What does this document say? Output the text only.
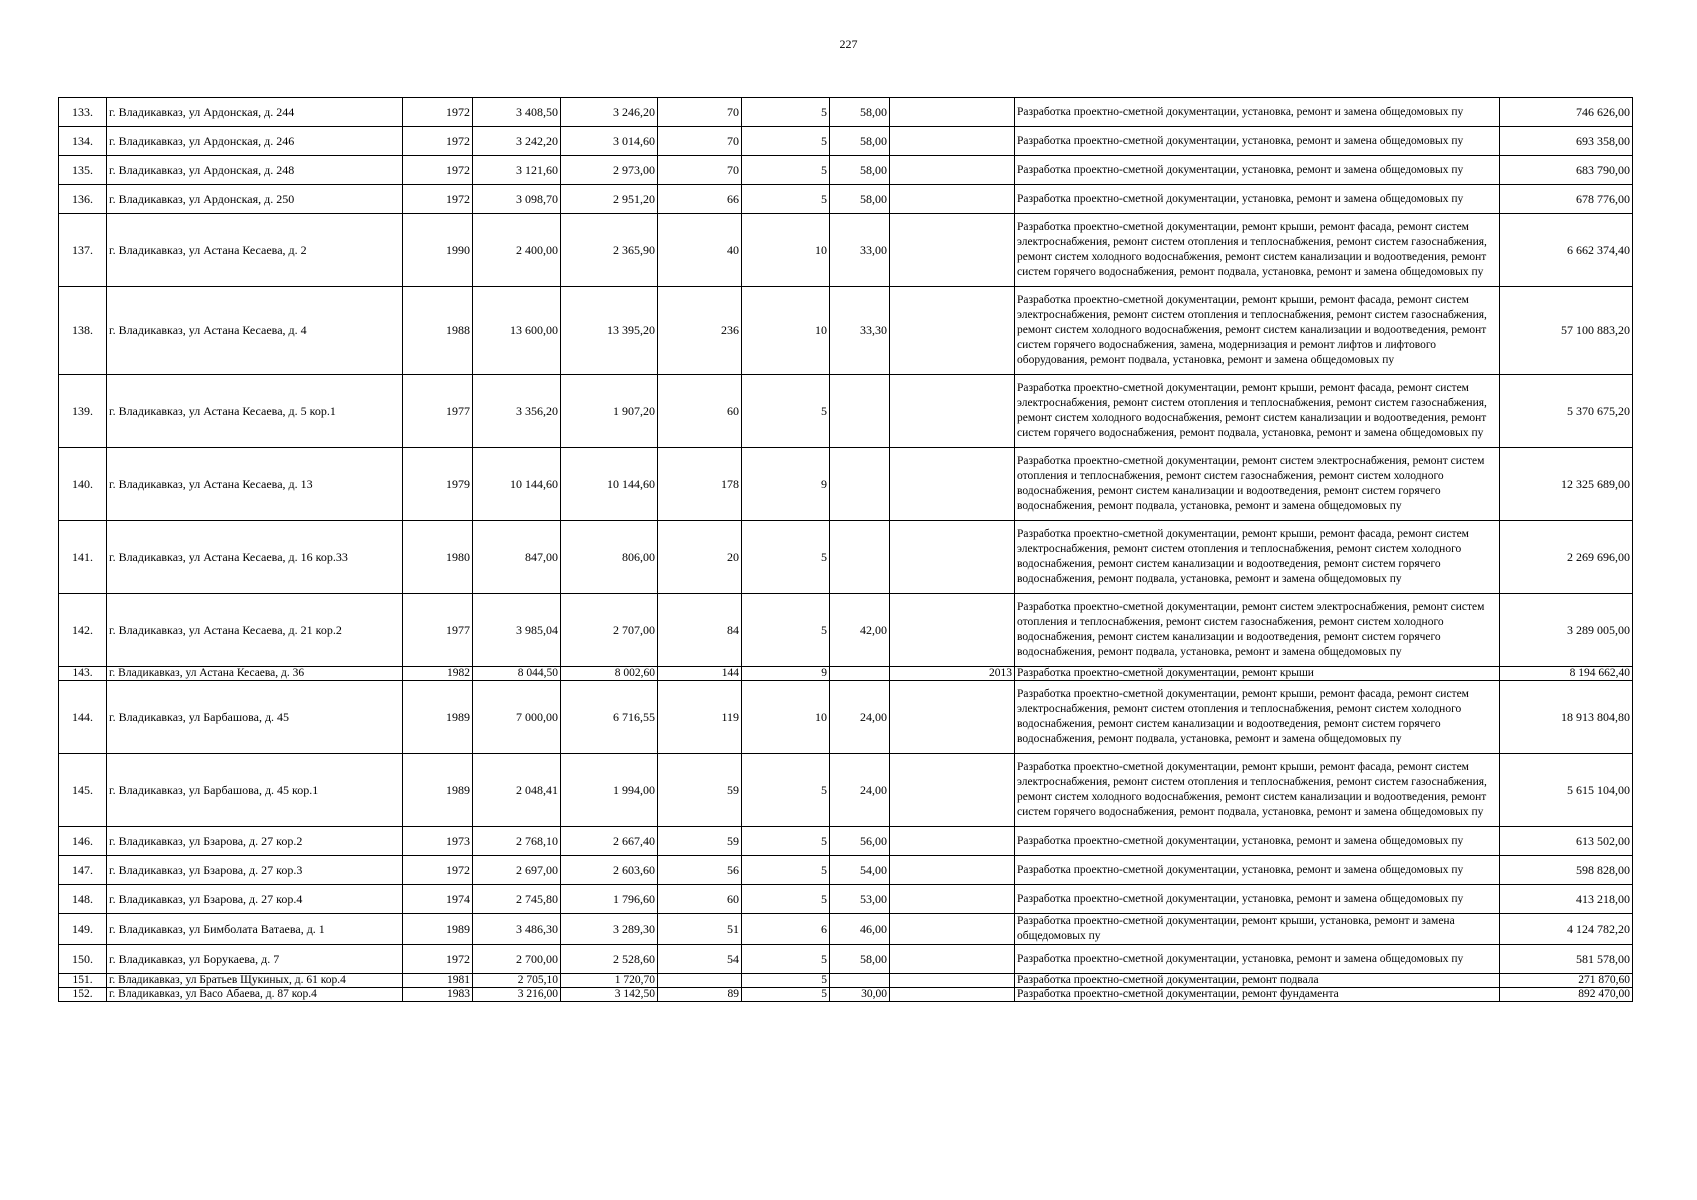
227
133.	г. Владикавказ, ул Ардонская, д. 244	1972	3 408,50	3 246,20	70	5	58,00		Разработка проектно-сметной документации, установка, ремонт и замена общедомовых пу	746 626,00
134.	г. Владикавказ, ул Ардонская, д. 246	1972	3 242,20	3 014,60	70	5	58,00		Разработка проектно-сметной документации, установка, ремонт и замена общедомовых пу	693 358,00
135.	г. Владикавказ, ул Ардонская, д. 248	1972	3 121,60	2 973,00	70	5	58,00		Разработка проектно-сметной документации, установка, ремонт и замена общедомовых пу	683 790,00
136.	г. Владикавказ, ул Ардонская, д. 250	1972	3 098,70	2 951,20	66	5	58,00		Разработка проектно-сметной документации, установка, ремонт и замена общедомовых пу	678 776,00
137.	г. Владикавказ, ул Астана Кесаева, д. 2	1990	2 400,00	2 365,90	40	10	33,00		Разработка проектно-сметной документации, ремонт крыши, ремонт фасада, ремонт систем электроснабжения, ремонт систем отопления и теплоснабжения, ремонт систем газоснабжения, ремонт систем холодного водоснабжения, ремонт систем канализации и водоотведения, ремонт систем горячего водоснабжения, ремонт подвала, установка, ремонт и замена общедомовых пу	6 662 374,40
138.	г. Владикавказ, ул Астана Кесаева, д. 4	1988	13 600,00	13 395,20	236	10	33,30		Разработка проектно-сметной документации, ремонт крыши, ремонт фасада, ремонт систем электроснабжения, ремонт систем отопления и теплоснабжения, ремонт систем газоснабжения, ремонт систем холодного водоснабжения, ремонт систем канализации и водоотведения, ремонт систем горячего водоснабжения, замена, модернизация и ремонт лифтов и лифтового оборудования, ремонт подвала, установка, ремонт и замена общедомовых пу	57 100 883,20
139.	г. Владикавказ, ул Астана Кесаева, д. 5 кор.1	1977	3 356,20	1 907,20	60	5			Разработка проектно-сметной документации, ремонт крыши, ремонт фасада, ремонт систем электроснабжения, ремонт систем отопления и теплоснабжения, ремонт систем газоснабжения, ремонт систем холодного водоснабжения, ремонт систем канализации и водоотведения, ремонт систем горячего водоснабжения, ремонт подвала, установка, ремонт и замена общедомовых пу	5 370 675,20
140.	г. Владикавказ, ул Астана Кесаева, д. 13	1979	10 144,60	10 144,60	178	9			Разработка проектно-сметной документации, ремонт систем электроснабжения, ремонт систем отопления и теплоснабжения, ремонт систем газоснабжения, ремонт систем холодного водоснабжения, ремонт систем канализации и водоотведения, ремонт систем горячего водоснабжения, ремонт подвала, установка, ремонт и замена общедомовых пу	12 325 689,00
141.	г. Владикавказ, ул Астана Кесаева, д. 16 кор.33	1980	847,00	806,00	20	5			Разработка проектно-сметной документации, ремонт крыши, ремонт фасада, ремонт систем электроснабжения, ремонт систем отопления и теплоснабжения, ремонт систем холодного водоснабжения, ремонт систем канализации и водоотведения, ремонт систем горячего водоснабжения, ремонт подвала, установка, ремонт и замена общедомовых пу	2 269 696,00
142.	г. Владикавказ, ул Астана Кесаева, д. 21 кор.2	1977	3 985,04	2 707,00	84	5	42,00		Разработка проектно-сметной документации, ремонт систем электроснабжения, ремонт систем отопления и теплоснабжения, ремонт систем газоснабжения, ремонт систем холодного водоснабжения, ремонт систем канализации и водоотведения, ремонт систем горячего водоснабжения, ремонт подвала, установка, ремонт и замена общедомовых пу	3 289 005,00
143.	г. Владикавказ, ул Астана Кесаева, д. 36	1982	8 044,50	8 002,60	144	9		2013	Разработка проектно-сметной документации, ремонт крыши	8 194 662,40
144.	г. Владикавказ, ул Барбашова, д. 45	1989	7 000,00	6 716,55	119	10	24,00		Разработка проектно-сметной документации, ремонт крыши, ремонт фасада, ремонт систем электроснабжения, ремонт систем отопления и теплоснабжения, ремонт систем холодного водоснабжения, ремонт систем канализации и водоотведения, ремонт систем горячего водоснабжения, ремонт подвала, установка, ремонт и замена общедомовых пу	18 913 804,80
145.	г. Владикавказ, ул Барбашова, д. 45 кор.1	1989	2 048,41	1 994,00	59	5	24,00		Разработка проектно-сметной документации, ремонт крыши, ремонт фасада, ремонт систем электроснабжения, ремонт систем отопления и теплоснабжения, ремонт систем газоснабжения, ремонт систем холодного водоснабжения, ремонт систем канализации и водоотведения, ремонт систем горячего водоснабжения, ремонт подвала, установка, ремонт и замена общедомовых пу	5 615 104,00
146.	г. Владикавказ, ул Бзарова, д. 27 кор.2	1973	2 768,10	2 667,40	59	5	56,00		Разработка проектно-сметной документации, установка, ремонт и замена общедомовых пу	613 502,00
147.	г. Владикавказ, ул Бзарова, д. 27 кор.3	1972	2 697,00	2 603,60	56	5	54,00		Разработка проектно-сметной документации, установка, ремонт и замена общедомовых пу	598 828,00
148.	г. Владикавказ, ул Бзарова, д. 27 кор.4	1974	2 745,80	1 796,60	60	5	53,00		Разработка проектно-сметной документации, установка, ремонт и замена общедомовых пу	413 218,00
149.	г. Владикавказ, ул Бимболата Ватаева, д. 1	1989	3 486,30	3 289,30	51	6	46,00		Разработка проектно-сметной документации, ремонт крыши, установка, ремонт и замена общедомовых пу	4 124 782,20
150.	г. Владикавказ, ул Борукаева, д. 7	1972	2 700,00	2 528,60	54	5	58,00		Разработка проектно-сметной документации, установка, ремонт и замена общедомовых пу	581 578,00
151.	г. Владикавказ, ул Братьев Щукиных, д. 61 кор.4	1981	2 705,10	1 720,70		5			Разработка проектно-сметной документации, ремонт подвала	271 870,60
152.	г. Владикавказ, ул Васо Абаева, д. 87 кор.4	1983	3 216,00	3 142,50	89	5	30,00		Разработка проектно-сметной документации, ремонт фундамента	892 470,00
